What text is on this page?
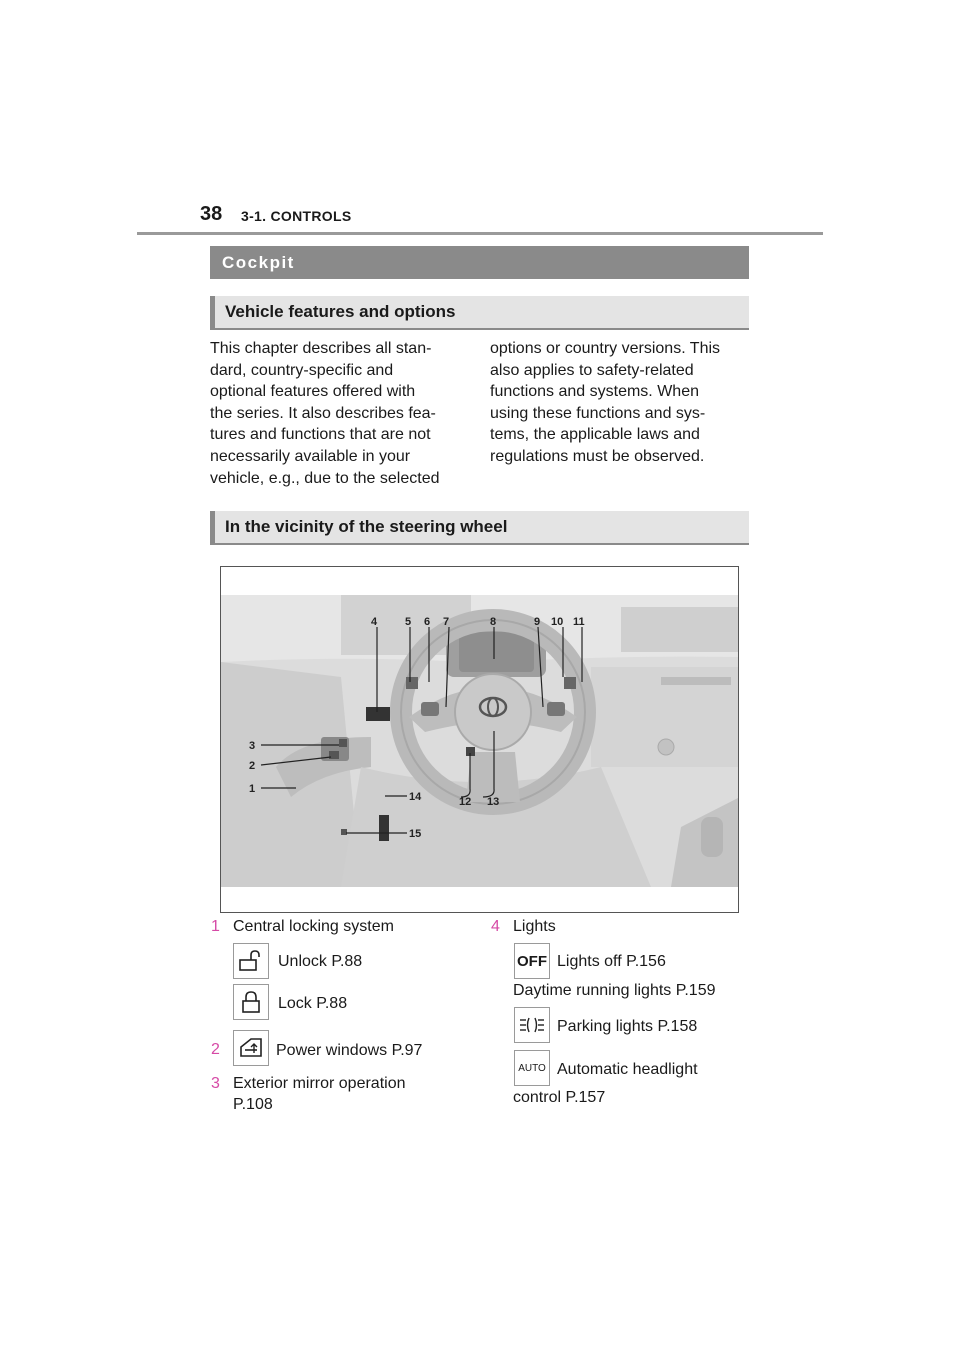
38 3-1. CONTROLS
Cockpit
Vehicle features and options
This chapter describes all stan-
dard, country-specific and
optional features offered with
the series. It also describes fea-
tures and functions that are not
necessarily available in your
vehicle, e.g., due to the selected
options or country versions. This
also applies to safety-related
functions and systems. When
using these functions and sys-
tems, the applicable laws and
regulations must be observed.
In the vicinity of the steering wheel
4	5 6 7	8	9 10 11
3
2
1
14	12 13
15
1 Central locking system
Unlock P.88
Lock P.88
2	Power windows P.97
3 Exterior mirror operation
P.108
4 Lights
OFF Lights off P.156
Daytime running lights P.159
Parking lights P.158
AUTO Automatic headlight
control P.157
